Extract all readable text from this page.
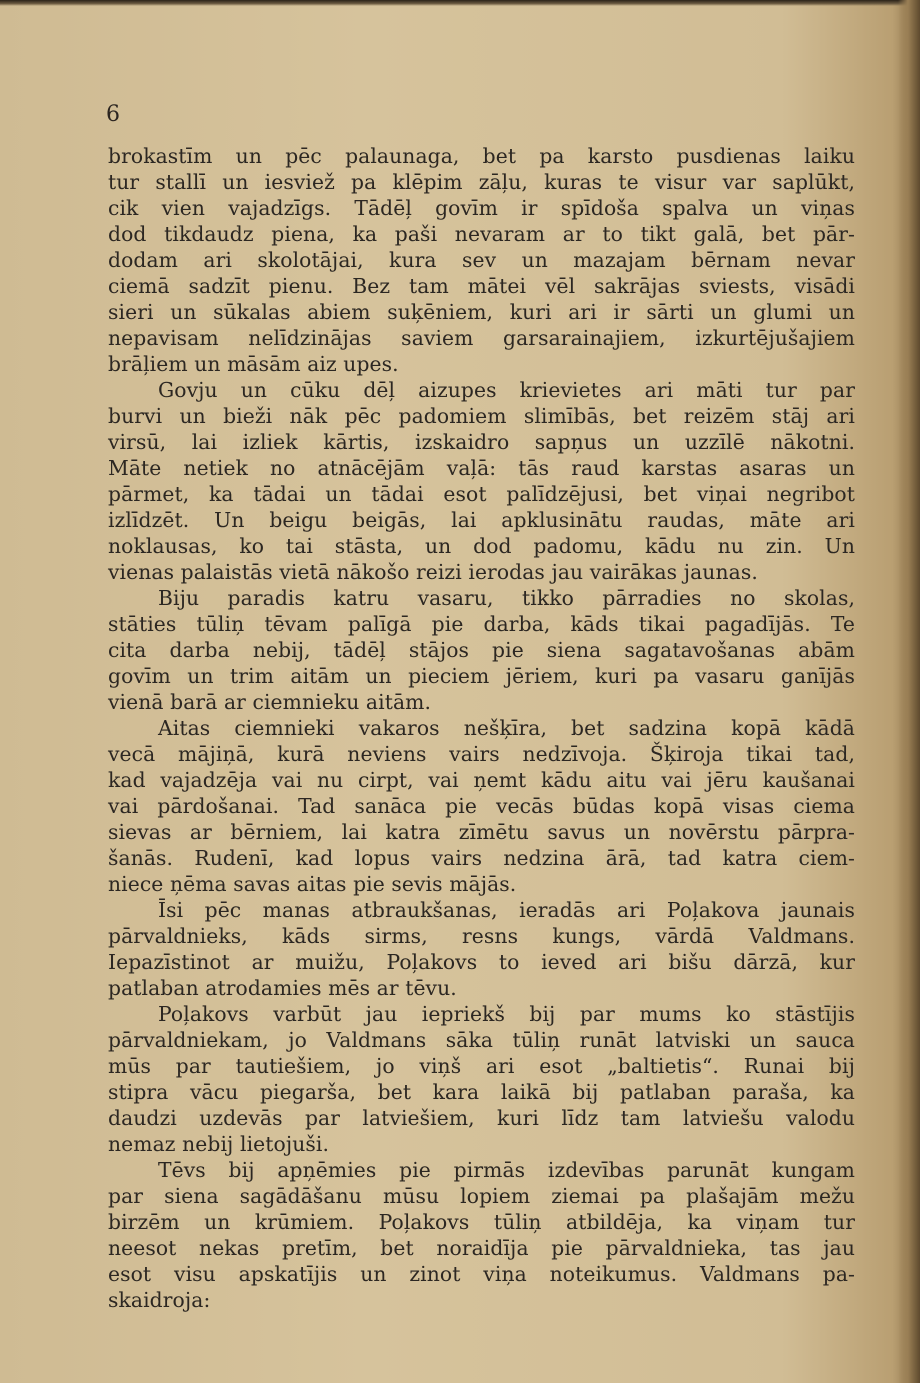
6
brokastīm un pēc palaunaga, bet pa karsto pusdienas laiku
tur stallī un iesviež pa klēpim zāļu, kuras te visur var saplūkt,
cik vien vajadzīgs. Tādēļ govīm ir spīdoša spalva un viņas
dod tikdaudz piena, ka paši nevaram ar to tikt galā, bet pār-
dodam ari skolotājai, kura sev un mazajam bērnam nevar
ciemā sadzīt pienu. Bez tam mātei vēl sakrājas sviests, visādi
sieri un sūkalas abiem suķēniem, kuri ari ir sārti un glumi un
nepavisam nelīdzinājas saviem garsarainajiem, izkurtējušajiem
brāļiem un māsām aiz upes.
Govju un cūku dēļ aizupes krievietes ari māti tur par
burvi un bieži nāk pēc padomiem slimībās, bet reizēm stāj ari
virsū, lai izliek kārtis, izskaidro sapņus un uzzīlē nākotni.
Māte netiek no atnācējām vaļā: tās raud karstas asaras un
pārmet, ka tādai un tādai esot palīdzējusi, bet viņai negribot
izlīdzēt. Un beigu beigās, lai apklusinātu raudas, māte ari
noklausas, ko tai stāsta, un dod padomu, kādu nu zin. Un
vienas palaistās vietā nākošo reizi ierodas jau vairākas jaunas.
Biju paradis katru vasaru, tikko pārradies no skolas,
stāties tūliņ tēvam palīgā pie darba, kāds tikai pagadījās. Te
cita darba nebij, tādēļ stājos pie siena sagatavošanas abām
govīm un trim aitām un pieciem jēriem, kuri pa vasaru ganījās
vienā barā ar ciemnieku aitām.
Aitas ciemnieki vakaros nešķīra, bet sadzina kopā kādā
vecā mājiņā, kurā neviens vairs nedzīvoja. Šķiroja tikai tad,
kad vajadzēja vai nu cirpt, vai ņemt kādu aitu vai jēru kaušanai
vai pārdošanai. Tad sanāca pie vecās būdas kopā visas ciema
sievas ar bērniem, lai katra zīmētu savus un novērstu pārpra-
šanās. Rudenī, kad lopus vairs nedzina ārā, tad katra ciem-
niece ņēma savas aitas pie sevis mājās.
Īsi pēc manas atbraukšanas, ieradās ari Poļakova jaunais
pārvaldnieks, kāds sirms, resns kungs, vārdā Valdmans.
Iepazīstinot ar muižu, Poļakovs to ieved ari bišu dārzā, kur
patlaban atrodamies mēs ar tēvu.
Poļakovs varbūt jau iepriekš bij par mums ko stāstījis
pārvaldniekam, jo Valdmans sāka tūliņ runāt latviski un sauca
mūs par tautiešiem, jo viņš ari esot „baltietis“. Runai bij
stipra vācu piegarša, bet kara laikā bij patlaban paraša, ka
daudzi uzdevās par latviešiem, kuri līdz tam latviešu valodu
nemaz nebij lietojuši.
Tēvs bij apņēmies pie pirmās izdevības parunāt kungam
par siena sagādāšanu mūsu lopiem ziemai pa plašajām mežu
birzēm un krūmiem. Poļakovs tūliņ atbildēja, ka viņam tur
neesot nekas pretīm, bet noraidīja pie pārvaldnieka, tas jau
esot visu apskatījis un zinot viņa noteikumus. Valdmans pa-
skaidroja:
